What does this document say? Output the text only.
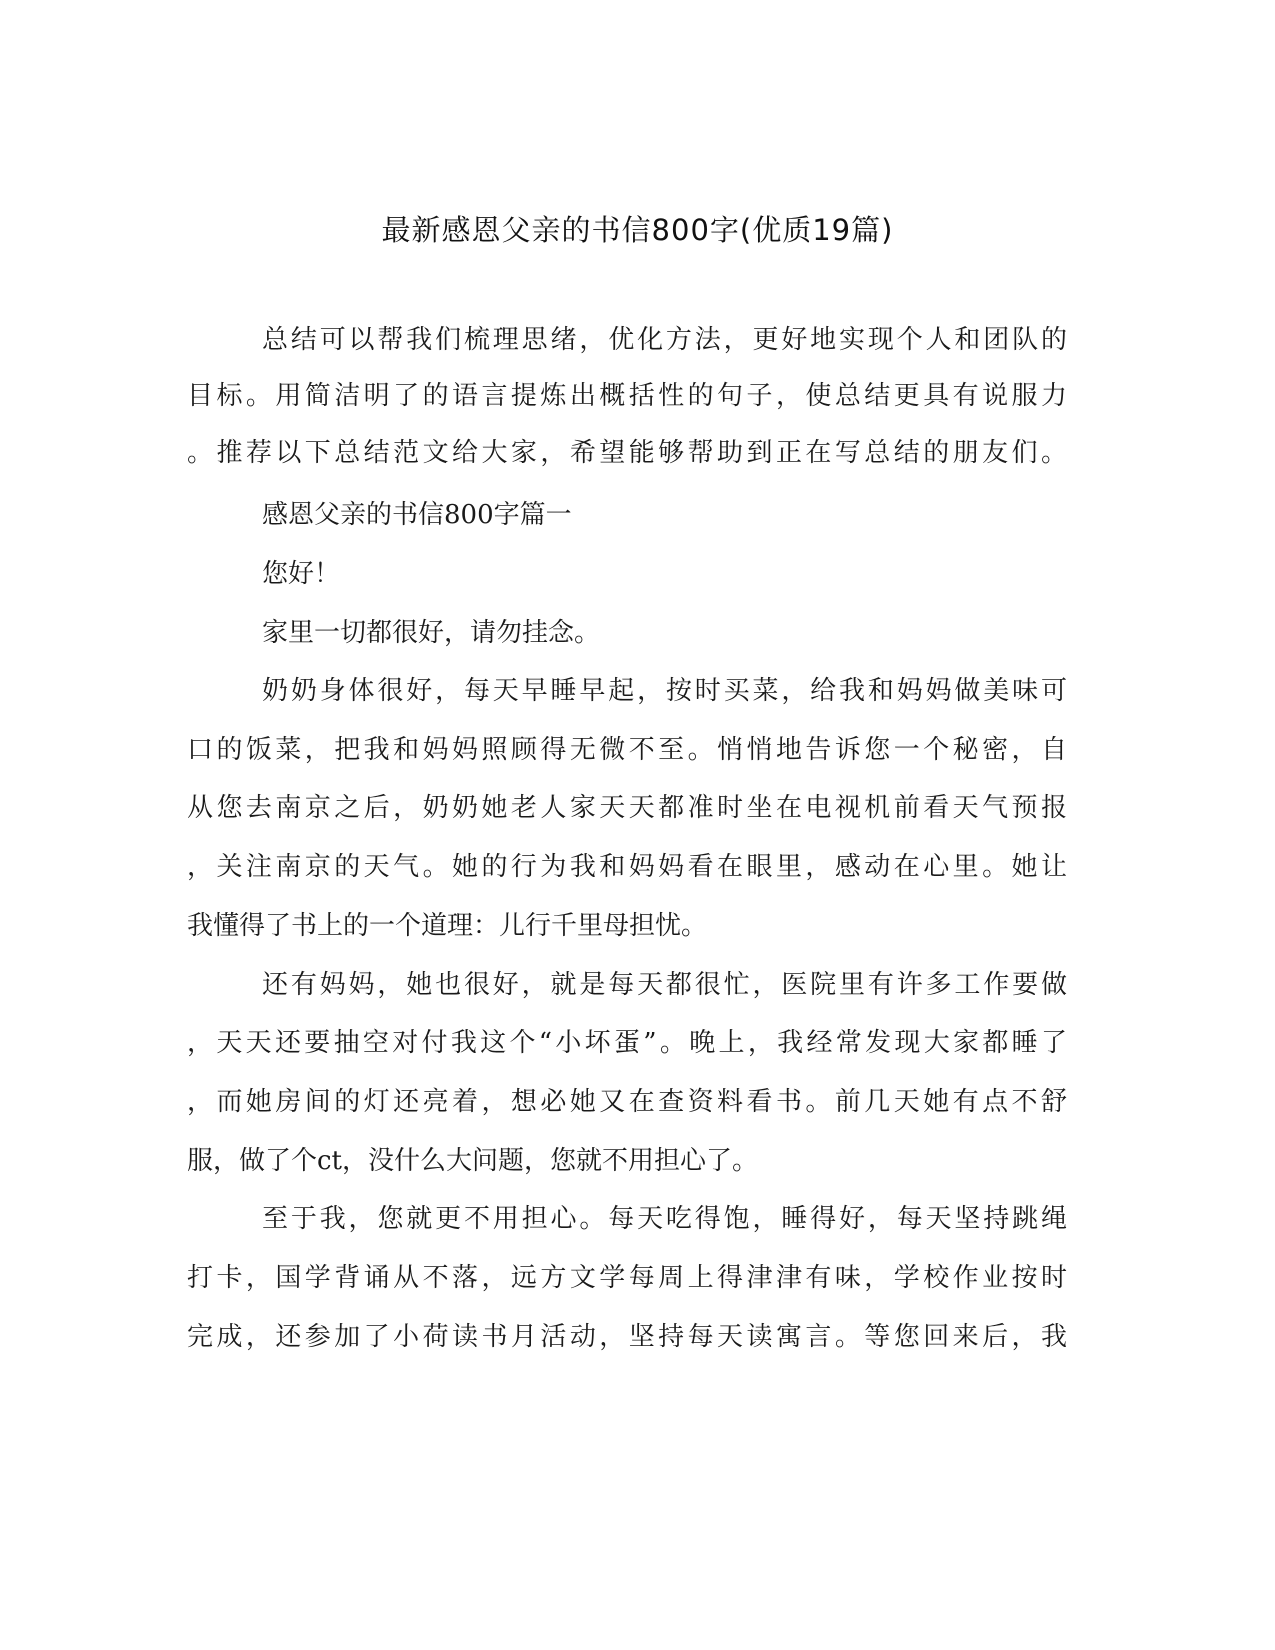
最新感恩父亲的书信800字(优质19篇)
总结可以帮我们梳理思绪，优化方法，更好地实现个人和团队的
目标。用简洁明了的语言提炼出概括性的句子，使总结更具有说服力
。推荐以下总结范文给大家，希望能够帮助到正在写总结的朋友们。
感恩父亲的书信800字篇一
您好！
家里一切都很好，请勿挂念。
奶奶身体很好，每天早睡早起，按时买菜，给我和妈妈做美味可
口的饭菜，把我和妈妈照顾得无微不至。悄悄地告诉您一个秘密，自
从您去南京之后，奶奶她老人家天天都准时坐在电视机前看天气预报
，关注南京的天气。她的行为我和妈妈看在眼里，感动在心里。她让
我懂得了书上的一个道理：儿行千里母担忧。
还有妈妈，她也很好，就是每天都很忙，医院里有许多工作要做
，天天还要抽空对付我这个“小坏蛋”。晚上，我经常发现大家都睡了
，而她房间的灯还亮着，想必她又在查资料看书。前几天她有点不舒
服，做了个ct，没什么大问题，您就不用担心了。
至于我，您就更不用担心。每天吃得饱，睡得好，每天坚持跳绳
打卡，国学背诵从不落，远方文学每周上得津津有味，学校作业按时
完成，还参加了小荷读书月活动，坚持每天读寓言。等您回来后，我
